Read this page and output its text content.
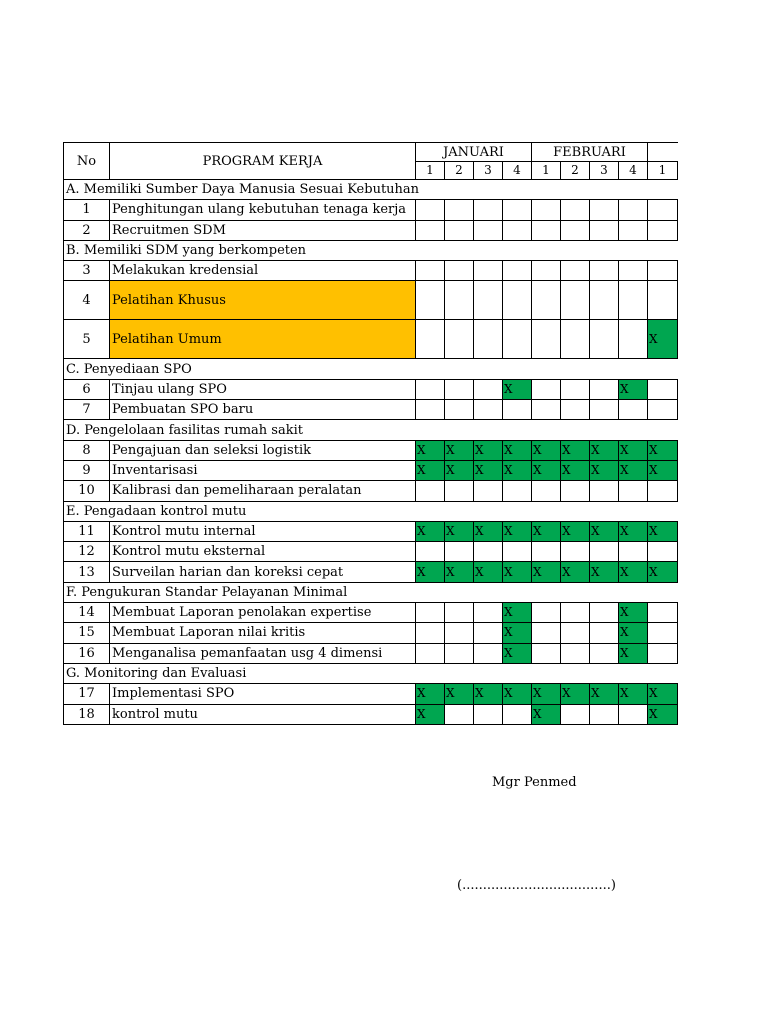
No	PROGRAM KERJA	JANUARI				FEBRUARI				
		1	2	3	4	1	2	3	4	1
A. Memiliki Sumber Daya Manusia Sesuai Kebutuhan										
1	Penghitungan ulang kebutuhan tenaga kerja									
2	Recruitmen SDM									
B. Memiliki SDM yang berkompeten										
3	Melakukan kredensial									
4	Pelatihan Khusus									
5	Pelatihan Umum									X
C. Penyediaan SPO										
6	Tinjau ulang SPO				X				X	
7	Pembuatan SPO baru									
D. Pengelolaan fasilitas rumah sakit										
8	Pengajuan dan seleksi logistik	X	X	X	X	X	X	X	X	X
9	Inventarisasi	X	X	X	X	X	X	X	X	X
10	Kalibrasi dan pemeliharaan peralatan									
E. Pengadaan kontrol mutu										
11	Kontrol mutu internal	X	X	X	X	X	X	X	X	X
12	Kontrol mutu eksternal									
13	Surveilan harian dan koreksi cepat	X	X	X	X	X	X	X	X	X
F. Pengukuran Standar Pelayanan Minimal										
14	Membuat Laporan penolakan expertise				X				X	
15	Membuat Laporan nilai kritis				X				X	
16	Menganalisa pemanfaatan usg 4 dimensi				X				X	
G. Monitoring dan Evaluasi										
17	Implementasi SPO	X	X	X	X	X	X	X	X	X
18	kontrol mutu	X				X				X
Mgr Penmed
(....................................)
